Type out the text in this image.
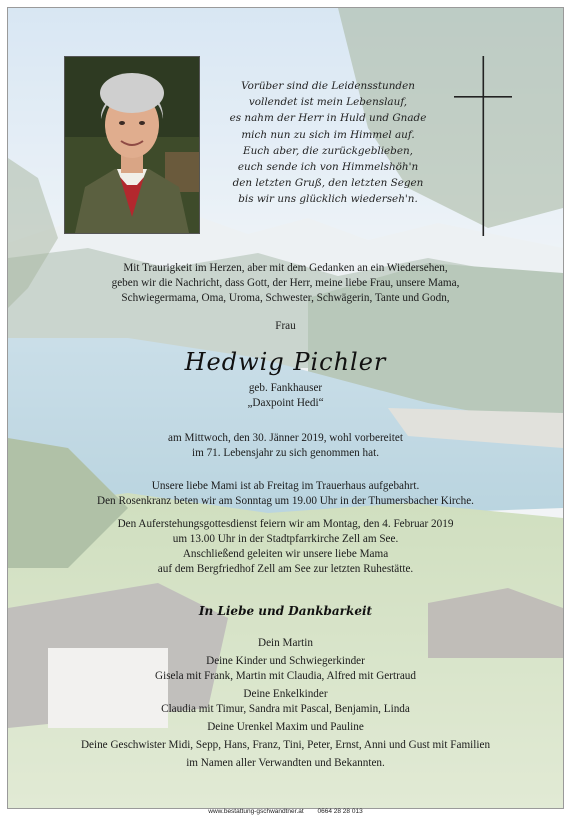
Vorüber sind die Leidensstunden
vollendet ist mein Lebenslauf,
es nahm der Herr in Huld und Gnade
mich nun zu sich im Himmel auf.
Euch aber, die zurückgeblieben,
euch sende ich von Himmelshöh'n
den letzten Gruß, den letzten Segen
bis wir uns glücklich wiederseh'n.
Mit Traurigkeit im Herzen, aber mit dem Gedanken an ein Wiedersehen,
geben wir die Nachricht, dass Gott, der Herr, meine liebe Frau, unsere Mama,
Schwiegermama, Oma, Uroma, Schwester, Schwägerin, Tante und Godn,
Frau
Hedwig Pichler
geb. Fankhauser
„Daxpoint Hedi“
am Mittwoch, den 30. Jänner 2019, wohl vorbereitet
im 71. Lebensjahr zu sich genommen hat.
Unsere liebe Mami ist ab Freitag im Trauerhaus aufgebahrt.
Den Rosenkranz beten wir am Sonntag um 19.00 Uhr in der Thumersbacher Kirche.
Den Auferstehungsgottesdienst feiern wir am Montag, den 4. Februar 2019
um 13.00 Uhr in der Stadtpfarrkirche Zell am See.
Anschließend geleiten wir unsere liebe Mama
auf dem Bergfriedhof Zell am See zur letzten Ruhestätte.
In Liebe und Dankbarkeit
Dein Martin
Deine Kinder und Schwiegerkinder
Gisela mit Frank, Martin mit Claudia, Alfred mit Gertraud
Deine Enkelkinder
Claudia mit Timur, Sandra mit Pascal, Benjamin, Linda
Deine Urenkel Maxim und Pauline
Deine Geschwister Midi, Sepp, Hans, Franz, Tini, Peter, Ernst, Anni und Gust mit Familien
im Namen aller Verwandten und Bekannten.
www.bestattung-gschwandtner.at 0664 28 28 013
